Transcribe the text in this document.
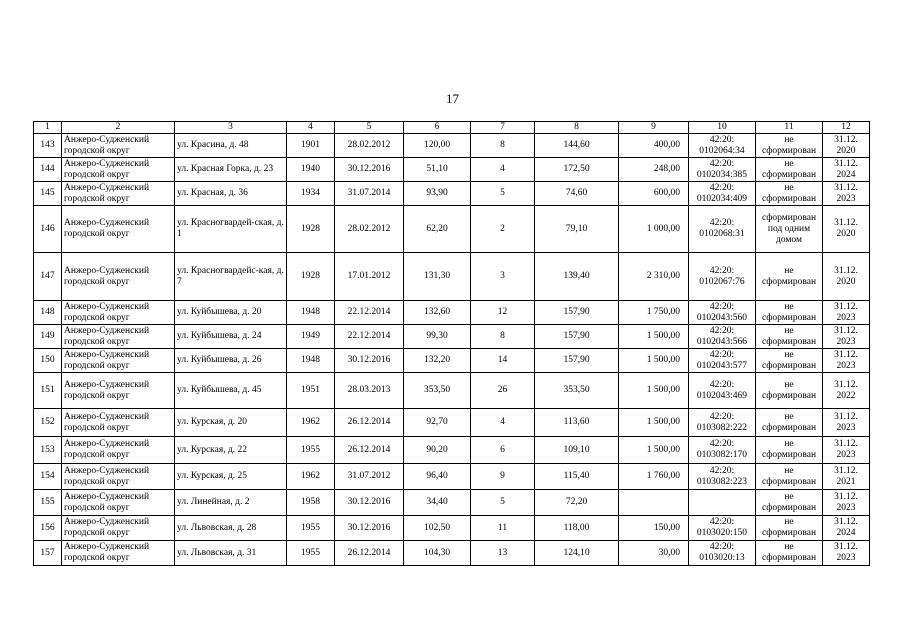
17
1	2	3	4	5	6	7	8	9	10	11	12
143	Анжеро-Судженский городской округ	ул. Красина, д. 48	1901	28.02.2012	120,00	8	144,60	400,00	42:20: 0102064:34	не сформирован	31.12. 2020
144	Анжеро-Судженский городской округ	ул. Красная Горка, д. 23	1940	30.12.2016	51,10	4	172,50	248,00	42:20: 0102034:385	не сформирован	31.12. 2024
145	Анжеро-Судженский городской округ	ул. Красная, д. 36	1934	31.07.2014	93,90	5	74,60	600,00	42:20: 0102034:409	не сформирован	31.12. 2023
146	Анжеро-Судженский городской округ	ул. Красногвардей-ская, д. 1	1928	28.02.2012	62,20	2	79,10	1 000,00	42:20: 0102068:31	сформирован под одним домом	31.12. 2020
147	Анжеро-Судженский городской округ	ул. Красногвардейс-кая, д. 7	1928	17.01.2012	131,30	3	139,40	2 310,00	42:20: 0102067:76	не сформирован	31.12. 2020
148	Анжеро-Судженский городской округ	ул. Куйбышева, д. 20	1948	22.12.2014	132,60	12	157,90	1 750,00	42:20: 0102043:560	не сформирован	31.12. 2023
149	Анжеро-Судженский городской округ	ул. Куйбышева, д. 24	1949	22.12.2014	99,30	8	157,90	1 500,00	42:20: 0102043:566	не сформирован	31.12. 2023
150	Анжеро-Судженский городской округ	ул. Куйбышева, д. 26	1948	30.12.2016	132,20	14	157,90	1 500,00	42:20: 0102043:577	не сформирован	31.12. 2023
151	Анжеро-Судженский городской округ	ул. Куйбышева, д. 45	1951	28.03.2013	353,50	26	353,50	1 500,00	42:20: 0102043:469	не сформирован	31.12. 2022
152	Анжеро-Судженский городской округ	ул. Курская, д. 20	1962	26.12.2014	92,70	4	113,60	1 500,00	42:20: 0103082:222	не сформирован	31.12. 2023
153	Анжеро-Судженский городской округ	ул. Курская, д. 22	1955	26.12.2014	90,20	6	109,10	1 500,00	42:20: 0103082:170	не сформирован	31.12. 2023
154	Анжеро-Судженский городской округ	ул. Курская, д. 25	1962	31.07.2012	96,40	9	115,40	1 760,00	42:20: 0103082:223	не сформирован	31.12. 2021
155	Анжеро-Судженский городской округ	ул. Линейная, д. 2	1958	30.12.2016	34,40	5	72,20			не сформирован	31.12. 2023
156	Анжеро-Судженский городской округ	ул. Львовская, д. 28	1955	30.12.2016	102,50	11	118,00	150,00	42:20: 0103020:150	не сформирован	31.12. 2024
157	Анжеро-Судженский городской округ	ул. Львовская, д. 31	1955	26.12.2014	104,30	13	124,10	30,00	42:20: 0103020:13	не сформирован	31.12. 2023
